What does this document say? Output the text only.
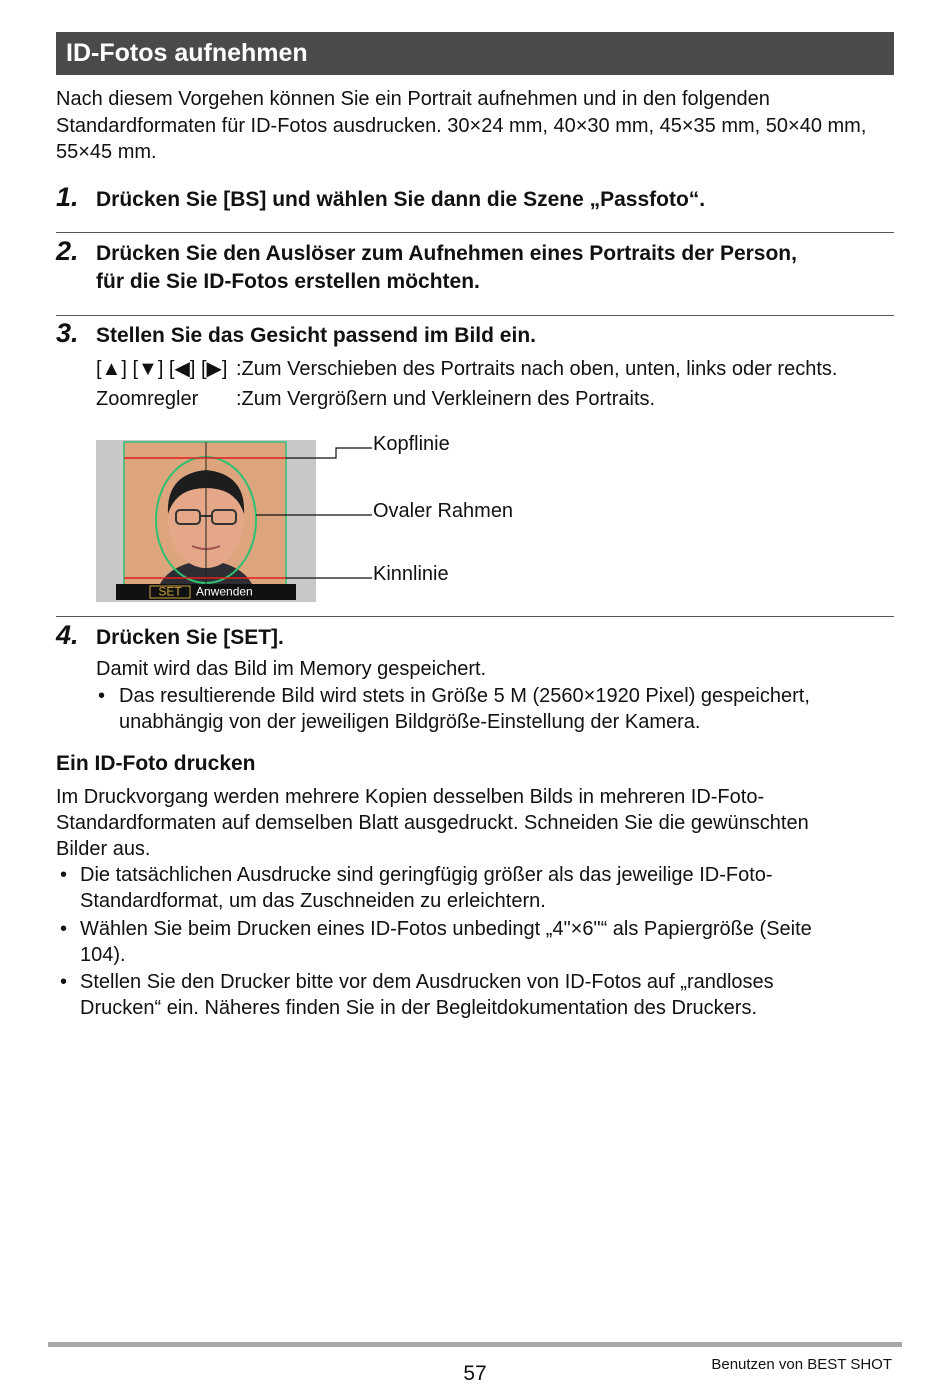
ID-Fotos aufnehmen
Nach diesem Vorgehen können Sie ein Portrait aufnehmen und in den folgenden Standardformaten für ID-Fotos ausdrucken. 30×24 mm, 40×30 mm, 45×35 mm, 50×40 mm, 55×45 mm.
1. Drücken Sie [BS] und wählen Sie dann die Szene „Passfoto“.
2. Drücken Sie den Auslöser zum Aufnehmen eines Portraits der Person,
für die Sie ID-Fotos erstellen möchten.
3. Stellen Sie das Gesicht passend im Bild ein.
[▲] [▼] [◀] [▶] :Zum Verschieben des Portraits nach oben, unten, links oder rechts.
Zoomregler :Zum Vergrößern und Verkleinern des Portraits.
SET Anwenden
Kopflinie
Ovaler Rahmen
Kinnlinie
4. Drücken Sie [SET].
Damit wird das Bild im Memory gespeichert.
• Das resultierende Bild wird stets in Größe 5 M (2560×1920 Pixel) gespeichert,
unabhängig von der jeweiligen Bildgröße-Einstellung der Kamera.
Ein ID-Foto drucken
Im Druckvorgang werden mehrere Kopien desselben Bilds in mehreren ID-Foto-
Standardformaten auf demselben Blatt ausgedruckt. Schneiden Sie die gewünschten
Bilder aus.
• Die tatsächlichen Ausdrucke sind geringfügig größer als das jeweilige ID-Foto-
Standardformat, um das Zuschneiden zu erleichtern.
• Wählen Sie beim Drucken eines ID-Fotos unbedingt „4"×6"“ als Papiergröße (Seite
104).
• Stellen Sie den Drucker bitte vor dem Ausdrucken von ID-Fotos auf „randloses
Drucken“ ein. Näheres finden Sie in der Begleitdokumentation des Druckers.
57	Benutzen von BEST SHOT
